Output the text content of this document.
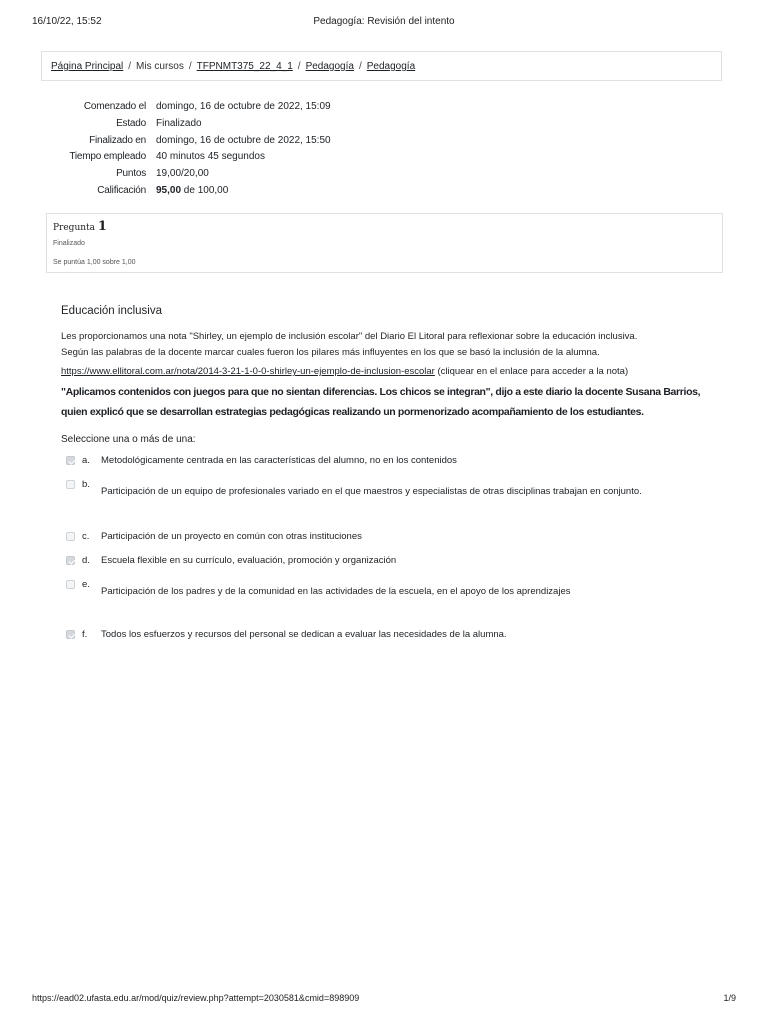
16/10/22, 15:52	Pedagogía: Revisión del intento
Página Principal / Mis cursos / TFPNMT375_22_4_1 / Pedagogía / Pedagogía
Comenzado el domingo, 16 de octubre de 2022, 15:09
Estado Finalizado
Finalizado en domingo, 16 de octubre de 2022, 15:50
Tiempo empleado 40 minutos 45 segundos
Puntos 19,00/20,00
Calificación 95,00 de 100,00
Pregunta 1
Finalizado
Se puntúa 1,00 sobre 1,00
Educación inclusiva
Les proporcionamos una nota "Shirley, un ejemplo de inclusión escolar" del Diario El Litoral para reflexionar sobre la educación inclusiva.
Según las palabras de la docente marcar cuales fueron los pilares más influyentes en los que se basó la inclusión de la alumna.
https://www.ellitoral.com.ar/nota/2014-3-21-1-0-0-shirley-un-ejemplo-de-inclusion-escolar (cliquear en el enlace para acceder a la nota)
"Aplicamos contenidos con juegos para que no sientan diferencias. Los chicos se integran", dijo a este diario la docente Susana Barrios,
quien explicó que se desarrollan estrategias pedagógicas realizando un pormenorizado acompañamiento de los estudiantes.
Seleccione una o más de una:
a. Metodológicamente centrada en las características del alumno, no en los contenidos
b.
Participación de un equipo de profesionales variado en el que maestros y especialistas de otras disciplinas trabajan en conjunto.
c. Participación de un proyecto en común con otras instituciones
d. Escuela flexible en su currículo, evaluación, promoción y organización
e.
Participación de los padres y de la comunidad en las actividades de la escuela, en el apoyo de los aprendizajes
f. Todos los esfuerzos y recursos del personal se dedican a evaluar las necesidades de la alumna.
https://ead02.ufasta.edu.ar/mod/quiz/review.php?attempt=2030581&cmid=898909	1/9
